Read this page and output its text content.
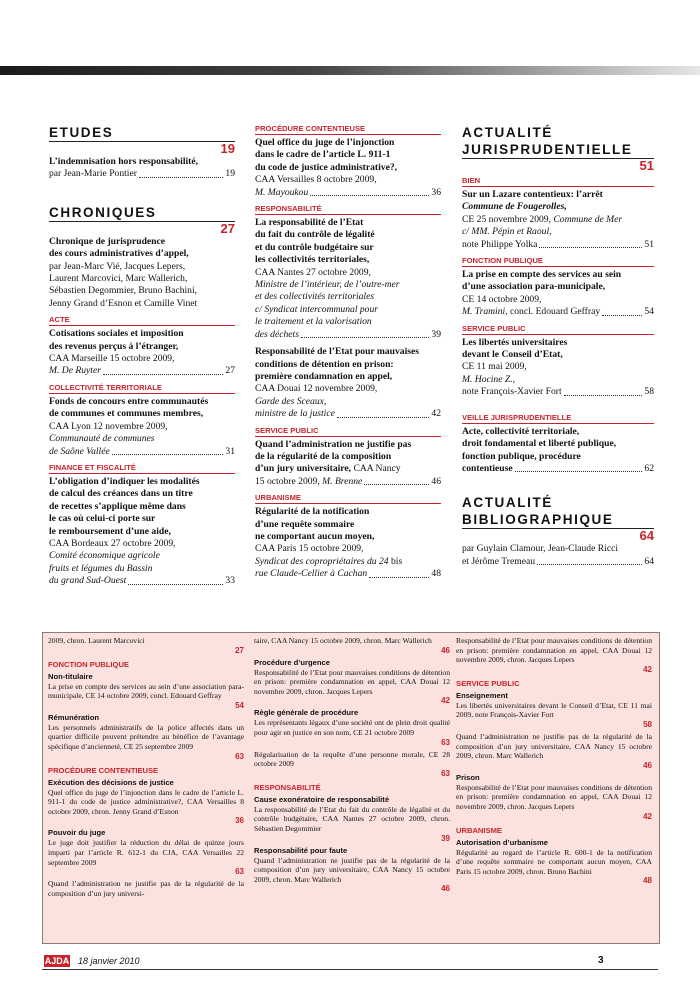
ETUDES
19
L’indemnisation hors responsabilité,
par Jean-Marie Pontier	19
CHRONIQUES
27
Chronique de jurisprudence
des cours administratives d’appel,
par Jean-Marc Vié, Jacques Lepers,
Laurent Marcovici, Marc Wallerich,
Sébastien Degommier, Bruno Bachini,
Jenny Grand d’Esnon et Camille Vinet
ACTE
Cotisations sociales et imposition
des revenus perçus à l’étranger,
CAA Marseille 15 octobre 2009,
M. De Ruyter	27
COLLECTIVITÉ TERRITORIALE
Fonds de concours entre communautés
de communes et communes membres,
CAA Lyon 12 novembre 2009,
Communauté de communes
de Saône Vallée	31
FINANCE ET FISCALITÉ
L’obligation d’indiquer les modalités
de calcul des créances dans un titre
de recettes s’applique même dans
le cas où celui-ci porte sur
le remboursement d’une aide,
CAA Bordeaux 27 octobre 2009,
Comité économique agricole
fruits et légumes du Bassin
du grand Sud-Ouest	33
PROCÉDURE CONTENTIEUSE
Quel office du juge de l’injonction
dans le cadre de l’article L. 911-1
du code de justice administrative?,
CAA Versailles 8 octobre 2009,
M. Mayoukou	36
RESPONSABILITÉ
La responsabilité de l’Etat
du fait du contrôle de légalité
et du contrôle budgétaire sur
les collectivités territoriales,
CAA Nantes 27 octobre 2009,
Ministre de l’intérieur, de l’outre-mer
et des collectivités territoriales
c/ Syndicat intercommunal pour
le traitement et la valorisation
des déchets	39
Responsabilité de l’Etat pour mauvaises
conditions de détention en prison:
première condamnation en appel,
CAA Douai 12 novembre 2009,
Garde des Sceaux,
ministre de la justice	42
SERVICE PUBLIC
Quand l’administration ne justifie pas
de la régularité de la composition
d’un jury universitaire, CAA Nancy
15 octobre 2009,
M. Brenne	46
URBANISME
Régularité de la notification
d’une requête sommaire
ne comportant aucun moyen,
CAA Paris 15 octobre 2009,
Syndicat des copropriétaires du 24 bis
rue Claude-Cellier à Cachan	48
ACTUALITÉ
JURISPRUDENTIELLE
51
BIEN
Sur un Lazare contentieux: l’arrêt
Commune de Fougerolles,
CE 25 novembre 2009, Commune de Mer
c/ MM. Pépin et Raoul,
note Philippe Yolka	51
FONCTION PUBLIQUE
La prise en compte des services au sein
d’une association para-municipale,
CE 14 octobre 2009,
M. Tramini,
concl. Edouard Geffray	54
SERVICE PUBLIC
Les libertés universitaires
devant le Conseil d’Etat,
CE 11 mai 2009,
M. Hocine Z.,
note François-Xavier Fort	58
VEILLE JURISPRUDENTIELLE
Acte, collectivité territoriale,
droit fondamental et liberté publique,
fonction publique, procédure
contentieuse	62
ACTUALITÉ
BIBLIOGRAPHIQUE
64
par Guylain Clamour, Jean-Claude Ricci
et Jérôme Tremeau	64
2009, chron. Laurent Marcovici
27
FONCTION PUBLIQUE
Non-titulaire
La prise en compte des services au sein d’une association para-municipale, CE 14 octobre 2009, concl. Edouard Geffray
54
Rémunération
Les personnels administratifs de la police affectés dans un quartier difficile peuvent prétendre au bénéfice de l’avantage spécifique d’ancienneté, CE 25 septembre 2009
63
PROCÉDURE CONTENTIEUSE
Exécution des décisions de justice
Quel office du juge de l’injonction dans le cadre de l’article L. 911-1 du code de justice administrative?, CAA Versailles 8 octobre 2009, chron. Jenny Grand d’Esnon
36
Pouvoir du juge
Le juge doit justifier la réduction du délai de quinze jours imparti par l’article R. 612-1 du CJA, CAA Versailles 22 septembre 2009
63
Quand l’administration ne justifie pas de la régularité de la composition d’un jury universi-
taire, CAA Nancy 15 octobre 2009, chron. Marc Wallerich
46
Procédure d’urgence
Responsabilité de l’Etat pour mauvaises conditions de détention en prison: première condamnation en appel, CAA Douai 12 novembre 2009, chron. Jacques Lepers
42
Règle générale de procédure
Les représentants légaux d’une société ont de plein droit qualité pour agir en justice en son nom, CE 21 octobre 2009
63
Régularisation de la requête d’une personne morale, CE 28 octobre 2009
63
RESPONSABILITÉ
Cause exonératoire de responsabilité
La responsabilité de l’Etat du fait du contrôle de légalité et du contrôle budgétaire, CAA Nantes 27 octobre 2009, chron. Sébastien Degommier
39
Responsabilité pour faute
Quand l’administration ne justifie pas de la régularité de la composition d’un jury universitaire, CAA Nancy 15 octobre 2009, chron. Marc Wallerich
46
Responsabilité de l’Etat pour mauvaises conditions de détention en prison: première condamnation en appel, CAA Douai 12 novembre 2009, chron. Jacques Lepers
42
SERVICE PUBLIC
Enseignement
Les libertés universitaires devant le Conseil d’Etat, CE 11 mai 2009, note François-Xavier Fort
58
Quand l’administration ne justifie pas de la régularité de la composition d’un jury universitaire, CAA Nancy 15 octobre 2009, chron. Marc Wallerich
46
Prison
Responsabilité de l’Etat pour mauvaises conditions de détention en prison: première condamnation en appel, CAA Douai 12 novembre 2009, chron. Jacques Lepers
42
URBANISME
Autorisation d’urbanisme
Régularité au regard de l’article R. 600-1 de la notification d’une requête sommaire ne comportant aucun moyen, CAA Paris 15 octobre 2009, chron. Bruno Bachini
48
AJDA 18 janvier 2010	3
